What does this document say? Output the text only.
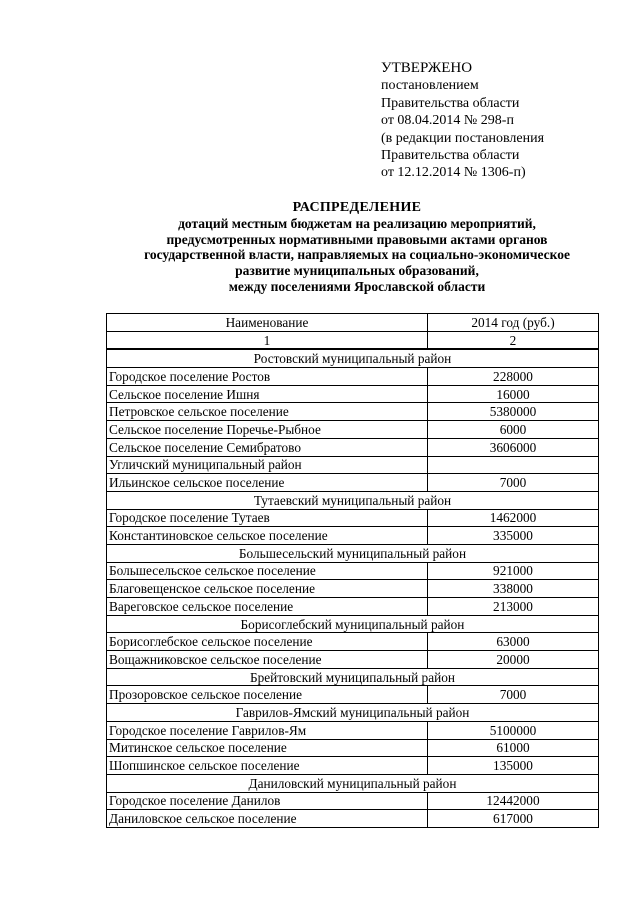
УТВЕРЖЕНО
постановлением
Правительства области
от 08.04.2014 № 298-п
(в редакции постановления
Правительства области
от 12.12.2014 № 1306-п)
РАСПРЕДЕЛЕНИЕ
дотаций местным бюджетам на реализацию мероприятий,
предусмотренных нормативными правовыми актами органов
государственной власти, направляемых на социально-экономическое
развитие муниципальных образований,
между поселениями Ярославской области
Наименование	2014 год (руб.)
1	2
Ростовский муниципальный район	
Городское поселение Ростов	228000
Сельское поселение Ишня	16000
Петровское сельское поселение	5380000
Сельское поселение Поречье-Рыбное	6000
Сельское поселение Семибратово	3606000
Угличский муниципальный район	
Ильинское сельское поселение	7000
Тутаевский муниципальный район	
Городское поселение Тутаев	1462000
Константиновское сельское поселение	335000
Большесельский муниципальный район	
Большесельское сельское поселение	921000
Благовещенское сельское поселение	338000
Вареговское сельское поселение	213000
Борисоглебский муниципальный район	
Борисоглебское сельское поселение	63000
Вощажниковское сельское поселение	20000
Брейтовский муниципальный район	
Прозоровское сельское поселение	7000
Гаврилов-Ямский муниципальный район	
Городское поселение Гаврилов-Ям	5100000
Митинское сельское поселение	61000
Шопшинское сельское поселение	135000
Даниловский муниципальный район	
Городское поселение Данилов	12442000
Даниловское сельское поселение	617000
